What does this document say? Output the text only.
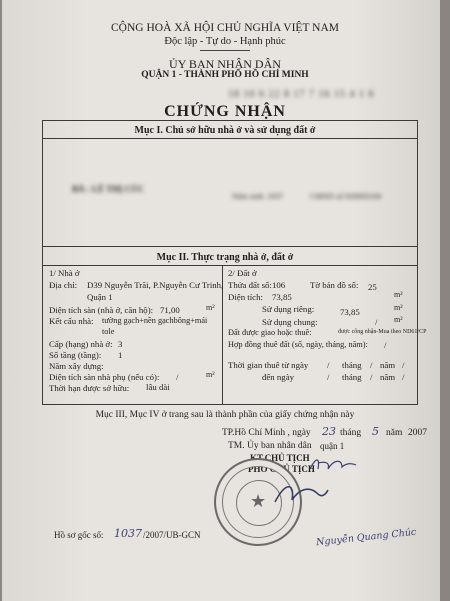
CỘNG HOÀ XÃ HỘI CHỦ NGHĨA VIỆT NAM
Độc lập - Tự do - Hạnh phúc
ỦY BAN NHÂN DÂN
QUẬN 1 - THÀNH PHỐ HỒ CHÍ MINH
18 10 6 22 8 17 7 16 15 4 1 6
CHỨNG NHẬN
Mục I. Chủ sở hữu nhà ở và sử dụng đất ở
BÀ : LÊ THỊ CÚC
Năm sinh: 1937	CMND số 020093194
Mục II. Thực trạng nhà ở, đất ở
1/ Nhà ở
Địa chỉ: D39 Nguyễn Trãi, P.Nguyễn Cư Trinh,
Quận 1
Diện tích sàn (nhà ở, căn hộ): 71,00	m²
Kết cấu nhà: tường gạch+nền gạchbông+mái
tole
Cấp (hạng) nhà ở: 3
Số tầng (tầng): 1
Năm xây dựng:
Diện tích sàn nhà phụ (nếu có): /	m²
Thời hạn được sở hữu: lâu dài
2/ Đất ở
Thửa đất số: 106	Tờ bản đồ số: 25
Diện tích: 73,85	m²
Sử dụng riêng:	73,85	m²
Sử dụng chung:	/ m²
Đất được giao hoặc thuê:	được công nhận-Mua theo ND61/CP
Hợp đồng thuê đất (số, ngày, tháng, năm): /
Thời gian thuê từ ngày / tháng / năm /
đến ngày	/ tháng / năm /
Mục III, Mục IV ở trang sau là thành phần của giấy chứng nhận này
TP.Hồ Chí Minh , ngày 23 tháng 5 năm 2007
TM. Ủy ban nhân dân quận 1
KT.CHỦ TỊCH
PHÓ CHỦ TỊCH
★
Nguyễn Quang Chúc
Hồ sơ gốc số: 1037 /2007/UB-GCN
